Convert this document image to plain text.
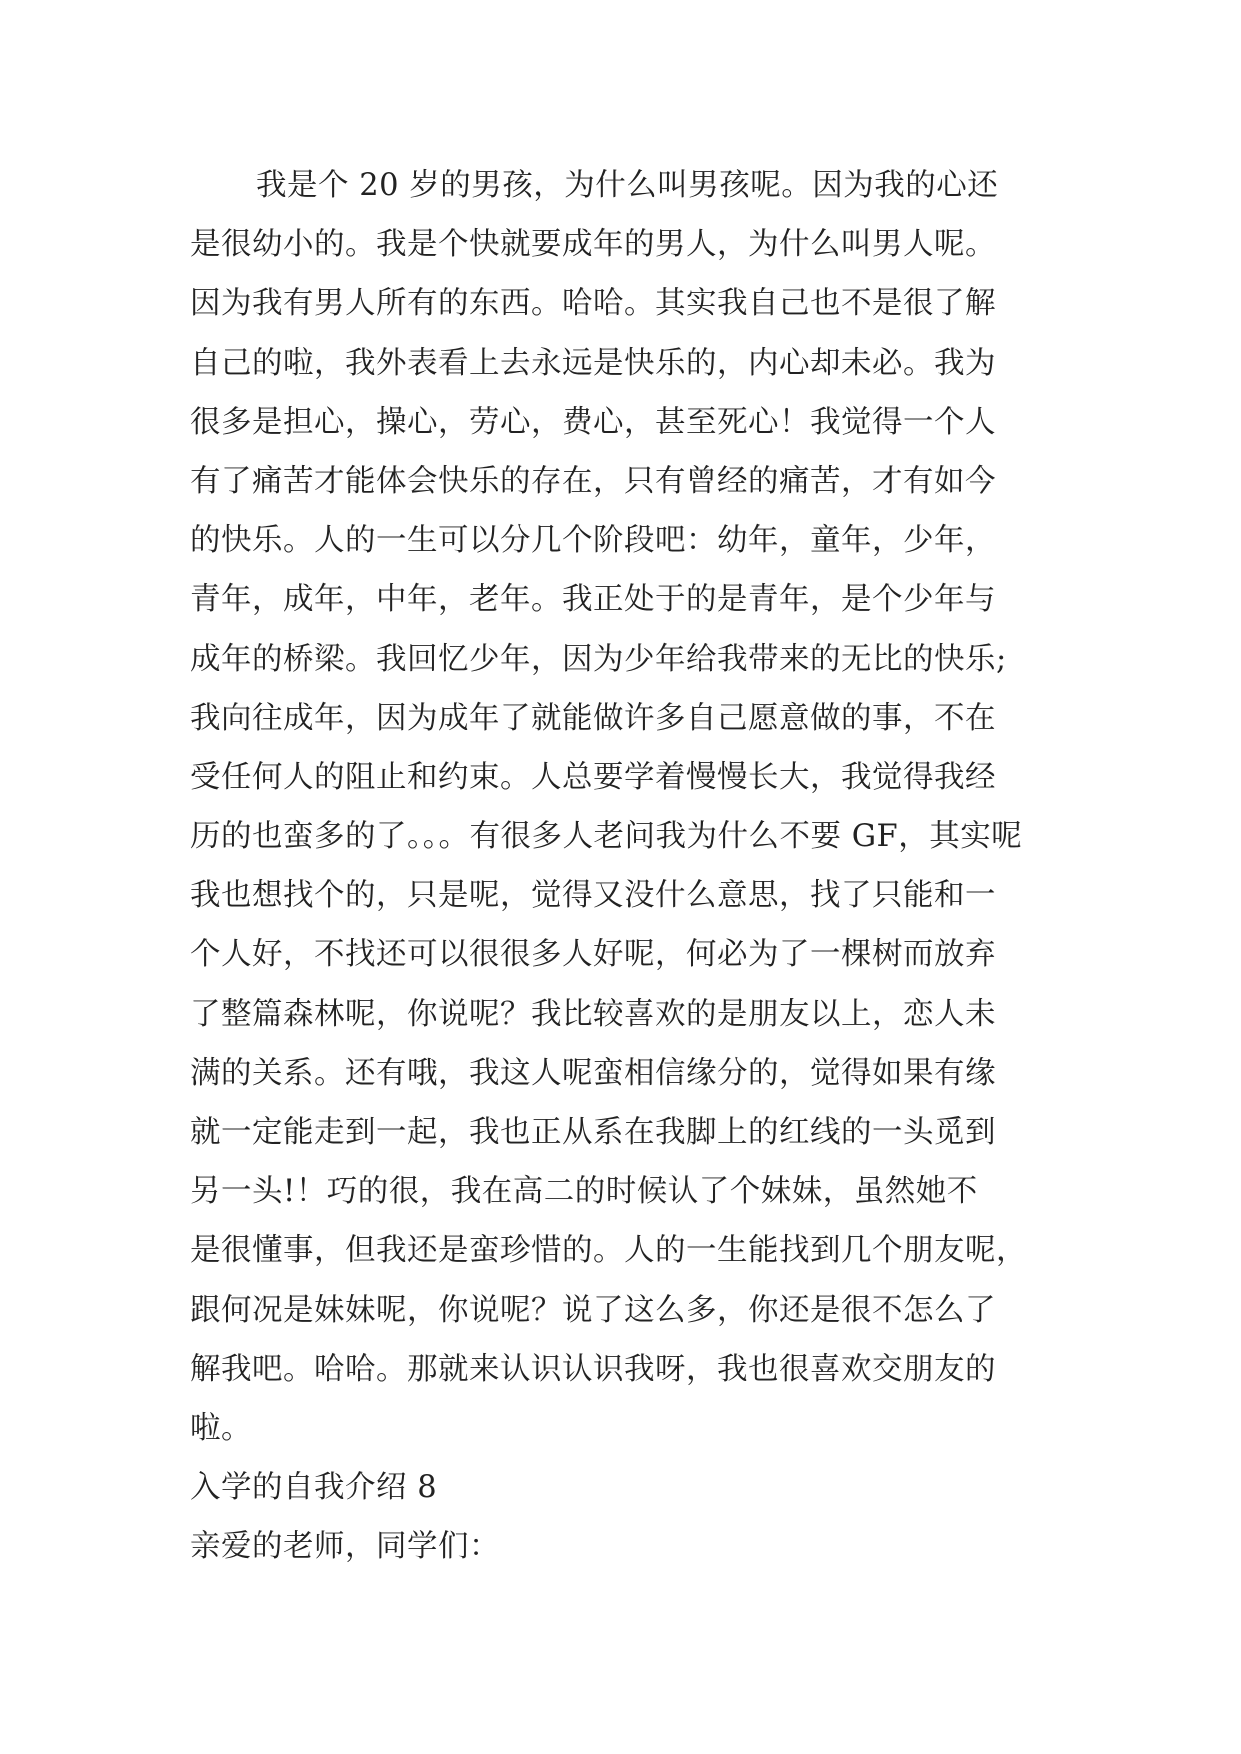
我是个 20 岁的男孩，为什么叫男孩呢。因为我的心还
是很幼小的。我是个快就要成年的男人，为什么叫男人呢。
因为我有男人所有的东西。哈哈。其实我自己也不是很了解
自己的啦，我外表看上去永远是快乐的，内心却未必。我为
很多是担心，操心，劳心，费心，甚至死心！我觉得一个人
有了痛苦才能体会快乐的存在，只有曾经的痛苦，才有如今
的快乐。人的一生可以分几个阶段吧：幼年，童年，少年，
青年，成年，中年，老年。我正处于的是青年，是个少年与
成年的桥梁。我回忆少年，因为少年给我带来的无比的快乐;
我向往成年，因为成年了就能做许多自己愿意做的事，不在
受任何人的阻止和约束。人总要学着慢慢长大，我觉得我经
历的也蛮多的了。。。有很多人老问我为什么不要 GF，其实呢
我也想找个的，只是呢，觉得又没什么意思，找了只能和一
个人好，不找还可以很很多人好呢，何必为了一棵树而放弃
了整篇森林呢，你说呢？我比较喜欢的是朋友以上，恋人未
满的关系。还有哦，我这人呢蛮相信缘分的，觉得如果有缘
就一定能走到一起，我也正从系在我脚上的红线的一头觅到
另一头!！巧的很，我在高二的时候认了个妹妹，虽然她不
是很懂事，但我还是蛮珍惜的。人的一生能找到几个朋友呢，
跟何况是妹妹呢，你说呢？说了这么多，你还是很不怎么了
解我吧。哈哈。那就来认识认识我呀，我也很喜欢交朋友的
啦。
入学的自我介绍 8
亲爱的老师，同学们：
